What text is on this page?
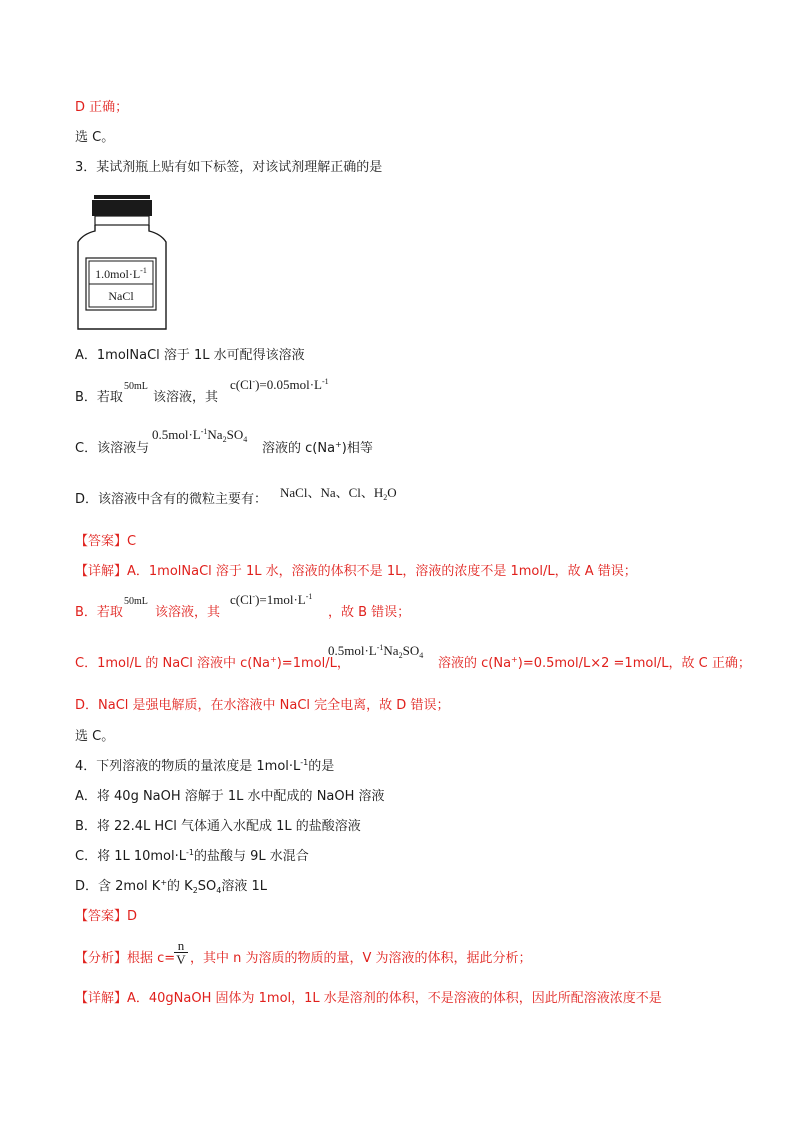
D 正确；
选 C。
3．某试剂瓶上贴有如下标签，对该试剂理解正确的是
$1.0mol\cdot L^{-1}$
NaCl
A．1molNaCl 溶于 1L 水可配得该溶液
B．若取
50mL
该溶液，其
$c(Cl^-)=0.05mol\cdot L^{-1}$
C．该溶液与
$0.5mol\cdot L^{-1}Na_2SO_4$
溶液的 c(Na+)相等
D．该溶液中含有的微粒主要有： NaCl、Na、Cl、$H_2O$
【答案】C
【详解】A．1molNaCl 溶于 1L 水，溶液的体积不是 1L，溶液的浓度不是 1mol/L，故 A 错误；
B．若取
50mL
该溶液，其
$c(Cl^-)=1mol\cdot L^{-1}$
，故 B 错误；
C．1mol/L 的 NaCl 溶液中 c(Na+)=1mol/L，
$0.5mol\cdot L^{-1}Na_2SO_4$
溶液的 c(Na+)=0.5mol/L×2 =1mol/L，故 C 正确；
D．NaCl 是强电解质，在水溶液中 NaCl 完全电离，故 D 错误；
选 C。
4．下列溶液的物质的量浓度是 $1mol\cdot L^{-1}$的是
A．将 40g NaOH 溶解于 1L 水中配成的 NaOH 溶液
B．将 22.4L HCl 气体通入水配成 1L 的盐酸溶液
C．将 1L $10mol\cdot L^{-1}$的盐酸与 9L 水混合
D．含 2mol K+的 $K_2SO_4$溶液 1L
【答案】D
【分析】根据 c=
$\frac{n}{V}$ ，其中 n 为溶质的物质的量，V 为溶液的体积，据此分析；
【详解】A．40gNaOH 固体为 1mol，1L 水是溶剂的体积，不是溶液的体积，因此所配溶液浓度不是
